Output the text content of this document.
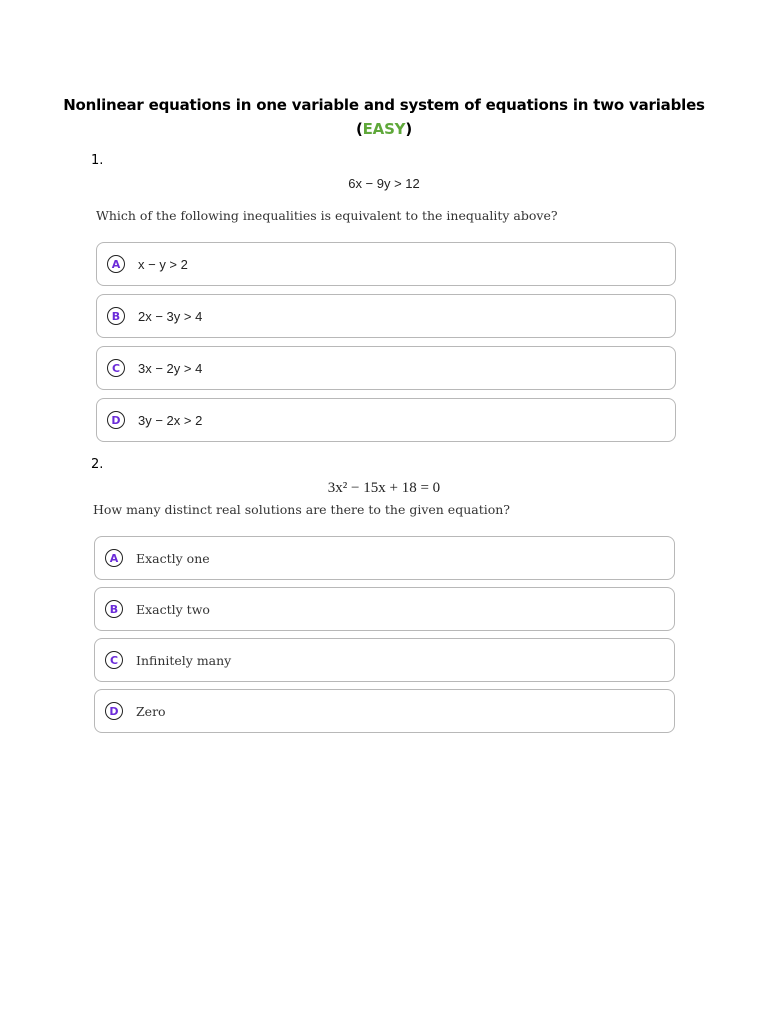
Nonlinear equations in one variable and system of equations in two variables
(EASY)
1.
6x − 9y > 12
Which of the following inequalities is equivalent to the inequality above?
A	x − y > 2
B	2x − 3y > 4
C	3x − 2y > 4
D	3y − 2x > 2
2.
3x² − 15x + 18 = 0
How many distinct real solutions are there to the given equation?
A	Exactly one
B	Exactly two
C	Infinitely many
D	Zero
